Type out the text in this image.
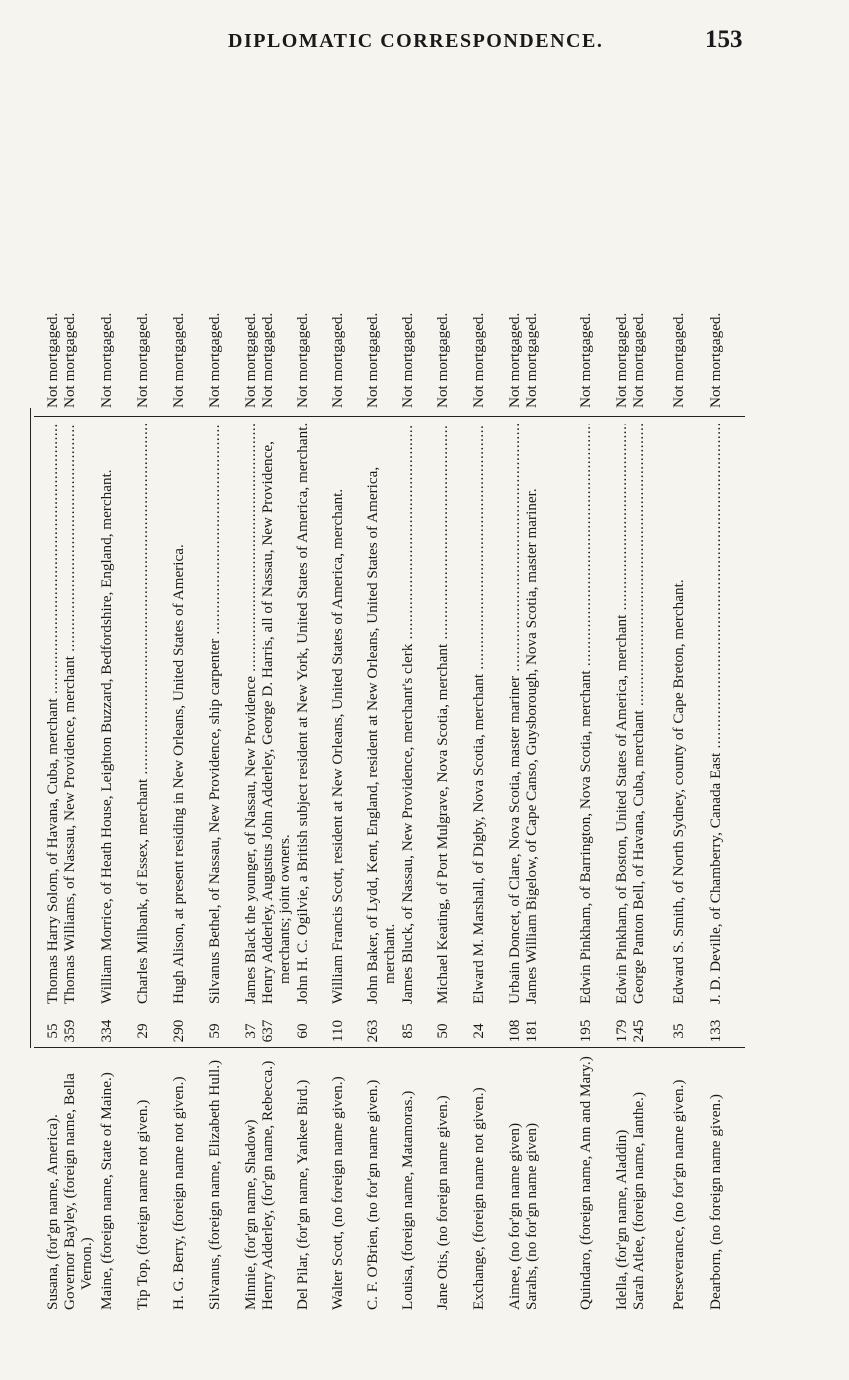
DIPLOMATIC CORRESPONDENCE.	153
Susana, (for'gn name, America).
55
Thomas Harry Solom, of Havana, Cuba, merchant .....
Not mortgaged.
Governor Bayley, (foreign name, Bella Vernon.)
359
Thomas Williams, of Nassau, New Providence, merchant .....
Not mortgaged.
Maine, (foreign name, State of Maine.)
334
William Morrice, of Heath House, Leighton Buzzard, Bedfordshire, England, merchant.
Not mortgaged.
Tip Top, (foreign name not given.)
29
Charles Milbank, of Essex, merchant .....
Not mortgaged.
H. G. Berry, (foreign name not given.)
290
Hugh Alison, at present residing in New Orleans, United States of America.
Not mortgaged.
Silvanus, (foreign name, Elizabeth Hull.)
59
Silvanus Bethel, of Nassau, New Providence, ship carpenter .....
Not mortgaged.
Minnie, (for'gn name, Shadow)
37
James Black the younger, of Nassau, New Providence .....
Not mortgaged.
Henry Adderley, (for'gn name, Rebecca.)
637
Henry Adderley, Augustus John Adderley, George D. Harris, all of Nassau, New Providence, merchants; joint owners.
Not mortgaged.
Del Pilar, (for'gn name, Yankee Bird.)
60
John H. C. Ogilvie, a British subject resident at New York, United States of America, merchant.
Not mortgaged.
Walter Scott, (no foreign name given.)
110
William Francis Scott, resident at New Orleans, United States of America, merchant.
Not mortgaged.
C. F. O'Brien, (no for'gn name given.)
263
John Baker, of Lydd, Kent, England, resident at New Orleans, United States of America, merchant.
Not mortgaged.
Louisa, (foreign name, Matamoras.)
85
James Bluck, of Nassau, New Providence, merchant's clerk .....
Not mortgaged.
Jane Otis, (no foreign name given.)
50
Michael Keating, of Port Mulgrave, Nova Scotia, merchant .....
Not mortgaged.
Exchange, (foreign name not given.)
24
Elward M. Marshall, of Digby, Nova Scotia, merchant .....
Not mortgaged.
Aimee, (no for'gn name given)
108
Urbain Doncet, of Clare, Nova Scotia, master mariner .....
Not mortgaged.
Sarahs, (no for'gn name given)
181
James William Bigelow, of Cape Canso, Guysborough, Nova Scotia, master mariner.
Not mortgaged.
Quindaro, (foreign name, Ann and Mary.)
195
Edwin Pinkham, of Barrington, Nova Scotia, merchant .....
Not mortgaged.
Idella, (for'gn name, Aladdin)
179
Edwin Pinkham, of Boston, United States of America, merchant .....
Not mortgaged.
Sarah Atlee, (foreign name, Ianthe.)
245
George Panton Bell, of Havana, Cuba, merchant .....
Not mortgaged.
Perseverance, (no for'gn name given.)
35
Edward S. Smith, of North Sydney, county of Cape Breton, merchant.
Not mortgaged.
Dearborn, (no foreign name given.)
133
J. D. Deville, of Chamberry, Canada East .....
Not mortgaged.
